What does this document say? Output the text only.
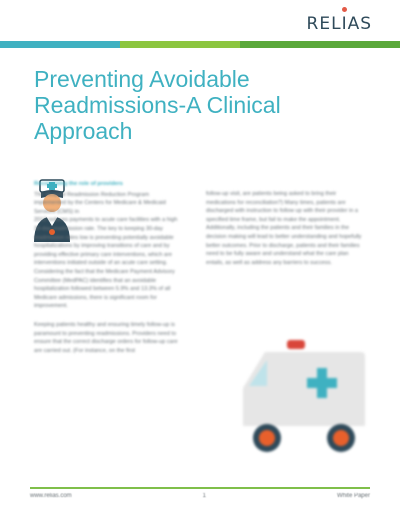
REL I AS
Preventing Avoidable Readmissions-A Clinical Approach

Recognizing the role of providers

The Hospital Readmission Reduction Program implemented by the Centers for Medicare & Medicaid Services (CMS) in

2012 reduces payments to acute care facilities with a high 30-day readmission rate. The key to keeping 30-day readmission rates low is preventing potentially avoidable hospitalizations by improving transitions of care and by providing effective primary care interventions, which are interventions initiated outside of an acute care setting. Considering the fact that the Medicare Payment Advisory Committee (MedPAC) identifies that an avoidable hospitalization followed between 5.9% and 13.3% of all Medicare admissions, there is significant room for improvement.

Keeping patients healthy and ensuring timely follow-up is paramount to preventing readmissions. Providers need to ensure that the correct discharge orders for follow-up care are carried out. (For instance, on the first

follow-up visit, are patients being asked to bring their medications for reconciliation?) Many times, patients are discharged with instruction to follow up with their provider in a specified time frame, but fail to make the appointment. Additionally, including the patients and their families in the decision making will lead to better understanding and hopefully better outcomes. Prior to discharge, patients and their families need to be fully aware and understand what the care plan entails, as well as address any barriers to success.

www.relias.com	1	White Paper
